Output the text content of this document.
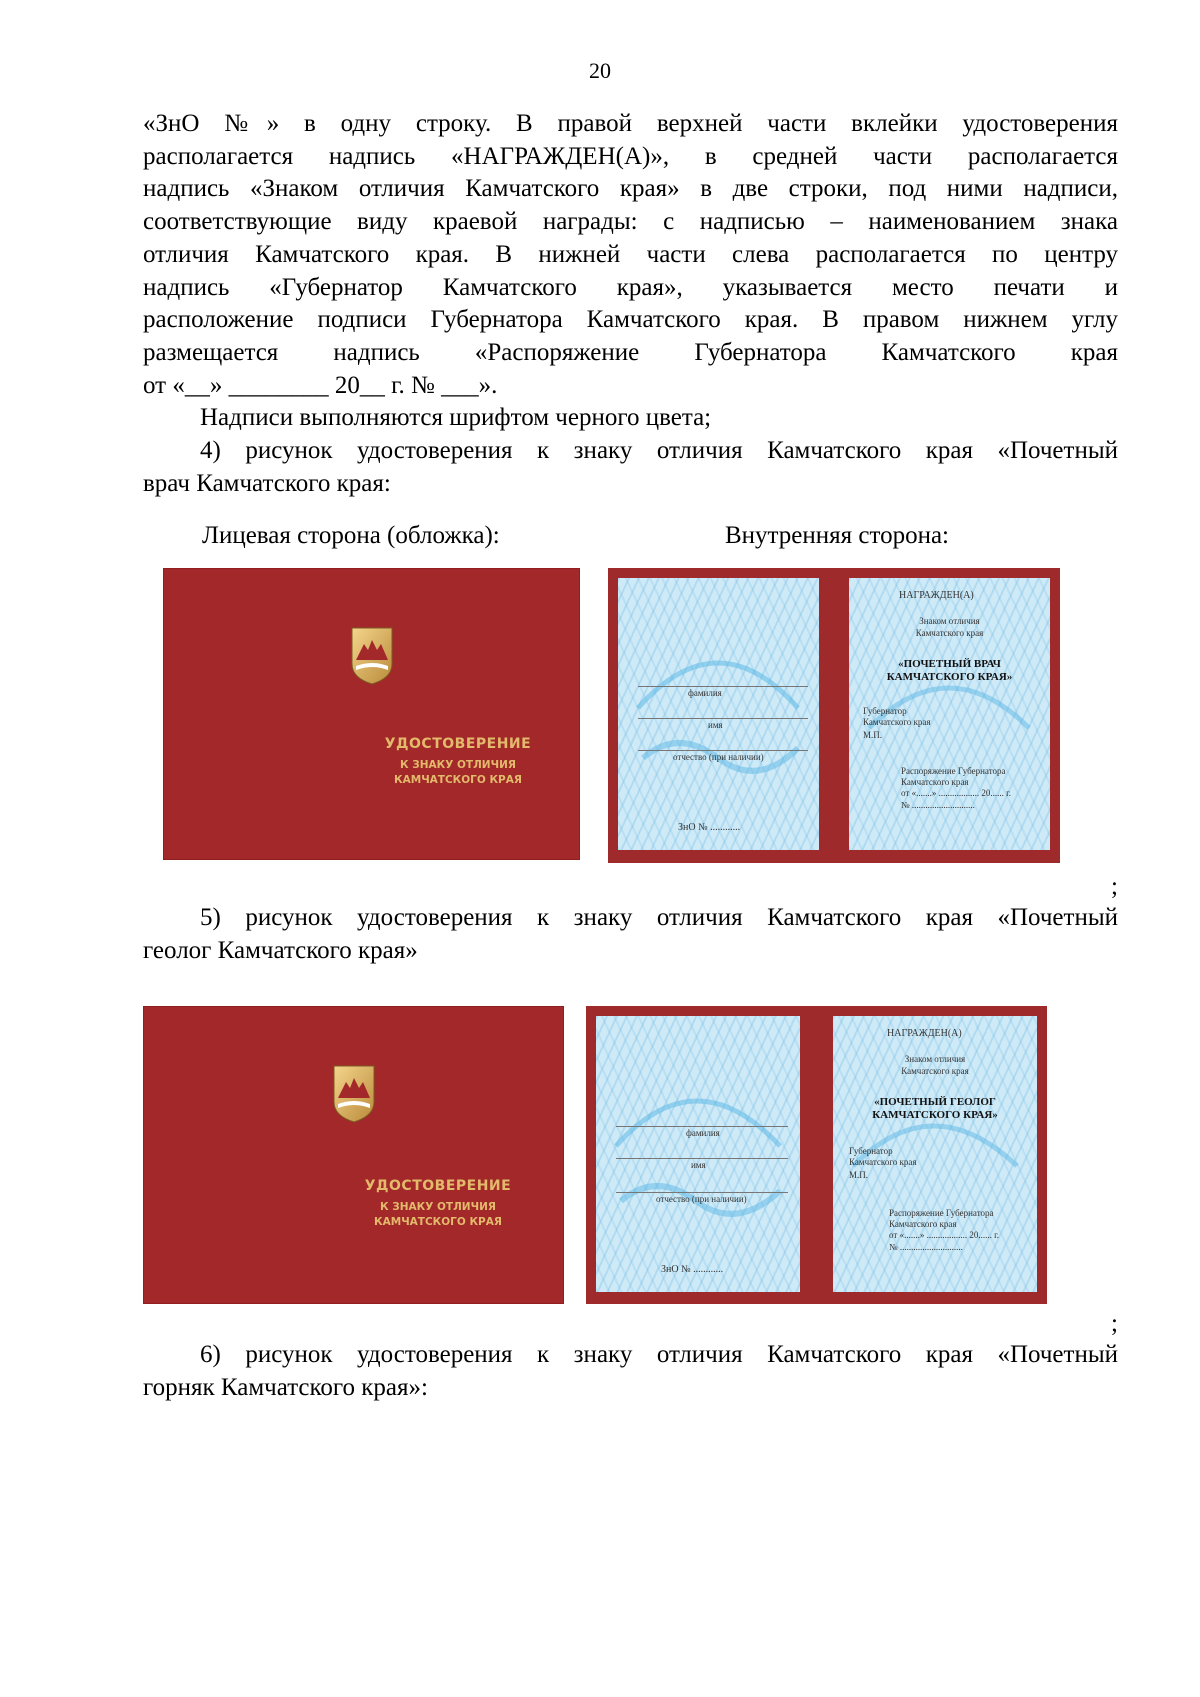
20
«ЗнО №» в одну строку. В правой верхней части вклейки удостоверения
располагается надпись «НАГРАЖДЕН(А)», в средней части располагается
надпись «Знаком отличия Камчатского края» в две строки, под ними надписи,
соответствующие виду краевой награды: с надписью – наименованием знака
отличия Камчатского края. В нижней части слева располагается по центру
надпись «Губернатор Камчатского края», указывается место печати и
расположение подписи Губернатора Камчатского края. В правом нижнем углу
размещается надпись «Распоряжение Губернатора Камчатского края
от «__» ________ 20__ г. № ___».
Надписи выполняются шрифтом черного цвета;
4) рисунок удостоверения к знаку отличия Камчатского края «Почетный
врач Камчатского края:
Лицевая сторона (обложка):	Внутренняя сторона:
УДОСТОВЕРЕНИЕ
К ЗНАКУ ОТЛИЧИЯ
КАМЧАТСКОГО КРАЯ
фамилия
имя
отчество (при наличии)
ЗнО № ............
НАГРАЖДЕН(А)
Знаком отличия
Камчатского края
«ПОЧЕТНЫЙ ВРАЧ
КАМЧАТСКОГО КРАЯ»
Губернатор
Камчатского края
М.П.
Распоряжение Губернатора
Камчатского края
от «.......» .................. 20...... г.
№ ............................
;
5) рисунок удостоверения к знаку отличия Камчатского края «Почетный
геолог Камчатского края»
УДОСТОВЕРЕНИЕ
К ЗНАКУ ОТЛИЧИЯ
КАМЧАТСКОГО КРАЯ
фамилия
имя
отчество (при наличии)
ЗнО № ............
НАГРАЖДЕН(А)
Знаком отличия
Камчатского края
«ПОЧЕТНЫЙ ГЕОЛОГ
КАМЧАТСКОГО КРАЯ»
Губернатор
Камчатского края
М.П.
Распоряжение Губернатора
Камчатского края
от «.......» .................. 20...... г.
№ ............................
;
6) рисунок удостоверения к знаку отличия Камчатского края «Почетный
горняк Камчатского края»:
